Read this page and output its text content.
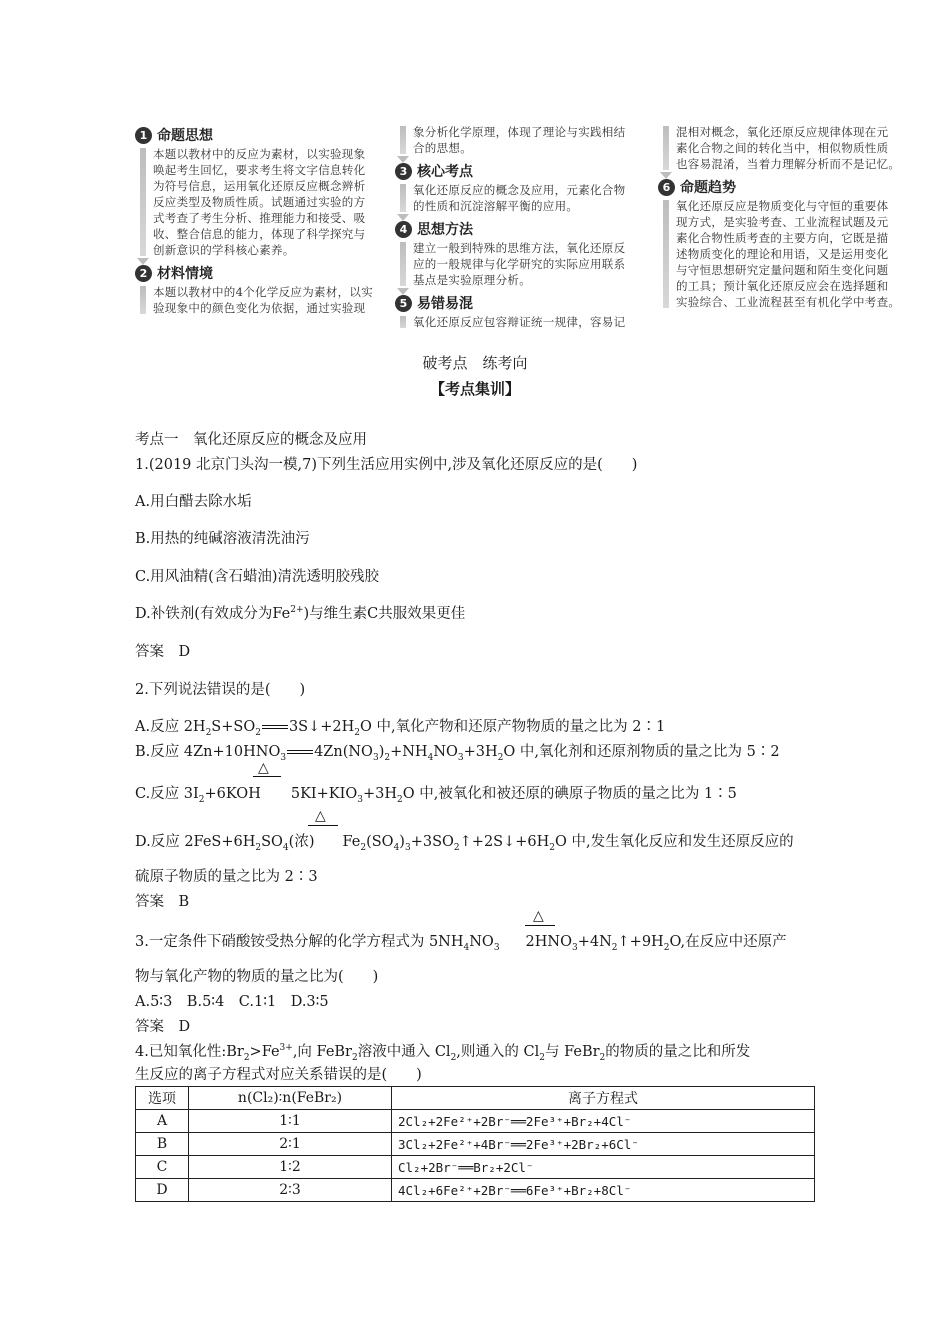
1 命题思想
本题以教材中的反应为素材，以实验现象
唤起考生回忆，要求考生将文字信息转化
为符号信息，运用氧化还原反应概念辨析
反应类型及物质性质。试题通过实验的方
式考查了考生分析、推理能力和接受、吸
收、整合信息的能力，体现了科学探究与
创新意识的学科核心素养。
2 材料情境
本题以教材中的4个化学反应为素材，以实
验现象中的颜色变化为依据，通过实验现
象分析化学原理，体现了理论与实践相结
合的思想。
3 核心考点
氧化还原反应的概念及应用，元素化合物
的性质和沉淀溶解平衡的应用。
4 思想方法
建立一般到特殊的思维方法，氧化还原反
应的一般规律与化学研究的实际应用联系
基点是实验原理分析。
5 易错易混
氧化还原反应包容辩证统一规律，容易记
混相对概念，氧化还原反应规律体现在元
素化合物之间的转化当中，相似物质性质
也容易混淆，当着力理解分析而不是记忆。
6 命题趋势
氧化还原反应是物质变化与守恒的重要体
现方式，是实验考查、工业流程试题及元
素化合物性质考查的主要方向，它既是描
述物质变化的理论和用语，又是运用变化
与守恒思想研究定量问题和陌生变化问题
的工具；预计氧化还原反应会在选择题和
实验综合、工业流程甚至有机化学中考查。
破考点　练考向
【考点集训】
考点一　氧化还原反应的概念及应用
1.(2019 北京门头沟一模,7)下列生活应用实例中,涉及氧化还原反应的是(　　)
A.用白醋去除水垢
B.用热的纯碱溶液清洗油污
C.用风油精(含石蜡油)清洗透明胶残胶
D.补铁剂(有效成分为$Fe^{2+}$)与维生素C共服效果更佳
答案　D
2.下列说法错误的是(　　)
A.反应 $2H_2S+SO_2$ $3S↓+2H_2O$ 中,氧化产物和还原产物物质的量之比为 2∶1
B.反应 $4Zn+10HNO_3$ $4Zn(NO_3)_2+NH_4NO_3+3H_2O$ 中,氧化剂和还原剂物质的量之比为 5∶2
△
C.反应 $3I_2+6KOH$ $5KI+KIO_3+3H_2O$ 中,被氧化和被还原的碘原子物质的量之比为 1∶5
△
D.反应 $2FeS+6H_2SO_4$(浓) $Fe_2(SO_4)_3+3SO_2↑+2S↓+6H_2O$ 中,发生氧化反应和发生还原反应的
硫原子物质的量之比为 2∶3
答案　B
△
3.一定条件下硝酸铵受热分解的化学方程式为 $5NH_4NO_3$ $2HNO_3+4N_2↑+9H_2O$,在反应中还原产
物与氧化产物的物质的量之比为(　　)
A.5∶3　B.5∶4　C.1∶1　D.3∶5
答案　D
4.已知氧化性$:Br_2>Fe^{3+}$,向 FeBr$_2$溶液中通入 $Cl_2$,则通入的 $Cl_2$与 FeBr$_2$的物质的量之比和所发
生反应的离子方程式对应关系错误的是(　　)
选项	n(Cl₂)∶n(FeBr₂)	离子方程式
A	1∶1	2Cl₂+2Fe²⁺+2Br⁻══2Fe³⁺+Br₂+4Cl⁻
B	2∶1	3Cl₂+2Fe²⁺+4Br⁻══2Fe³⁺+2Br₂+6Cl⁻
C	1∶2	Cl₂+2Br⁻══Br₂+2Cl⁻
D	2∶3	4Cl₂+6Fe²⁺+2Br⁻══6Fe³⁺+Br₂+8Cl⁻
